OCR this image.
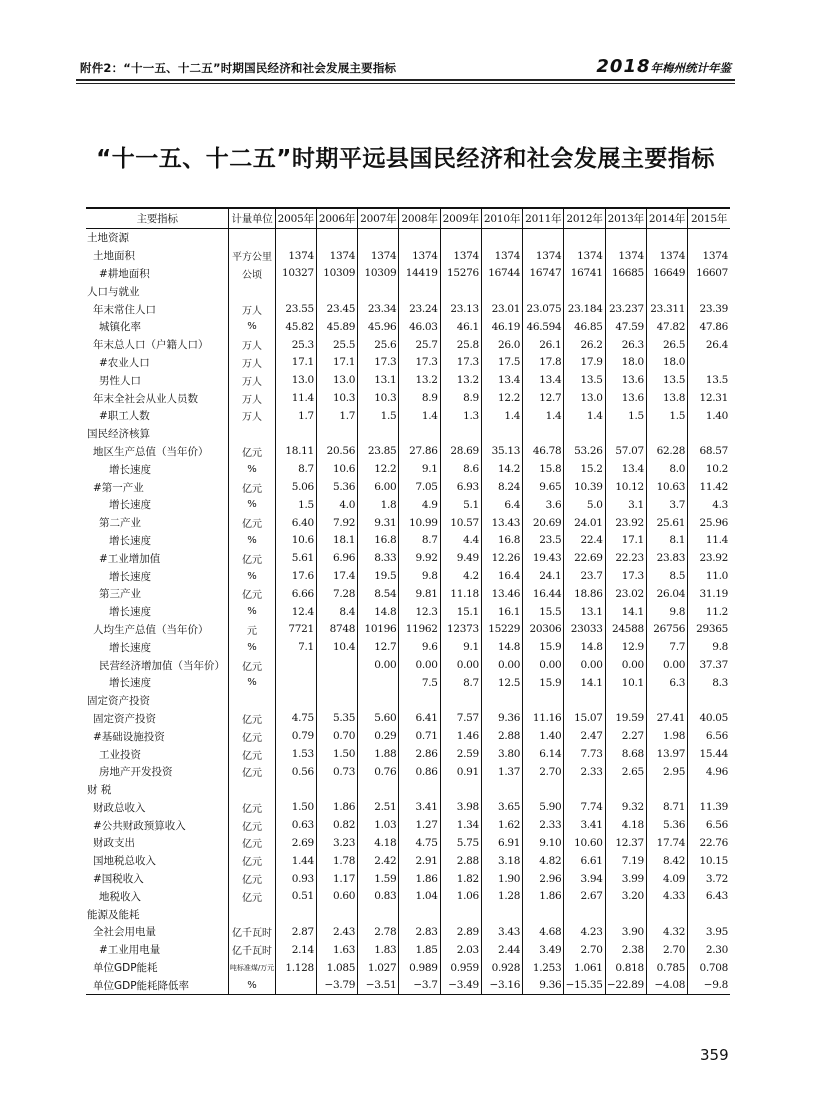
附件2：“十一五、十二五”时期国民经济和社会发展主要指标	2018年梅州统计年鉴
“十一五、十二五”时期平远县国民经济和社会发展主要指标
主要指标	计量单位	2005年	2006年	2007年	2008年	2009年	2010年	2011年	2012年	2013年	2014年	2015年
土地资源												
土地面积	平方公里	1374	1374	1374	1374	1374	1374	1374	1374	1374	1374	1374
#耕地面积	公顷	10327	10309	10309	14419	15276	16744	16747	16741	16685	16649	16607
人口与就业												
年末常住人口	万人	23.55	23.45	23.34	23.24	23.13	23.01	23.075	23.184	23.237	23.311	23.39
城镇化率	%	45.82	45.89	45.96	46.03	46.1	46.19	46.594	46.85	47.59	47.82	47.86
年末总人口（户籍人口）	万人	25.3	25.5	25.6	25.7	25.8	26.0	26.1	26.2	26.3	26.5	26.4
#农业人口	万人	17.1	17.1	17.3	17.3	17.3	17.5	17.8	17.9	18.0	18.0	
男性人口	万人	13.0	13.0	13.1	13.2	13.2	13.4	13.4	13.5	13.6	13.5	13.5
年末全社会从业人员数	万人	11.4	10.3	10.3	8.9	8.9	12.2	12.7	13.0	13.6	13.8	12.31
#职工人数	万人	1.7	1.7	1.5	1.4	1.3	1.4	1.4	1.4	1.5	1.5	1.40
国民经济核算												
地区生产总值（当年价）	亿元	18.11	20.56	23.85	27.86	28.69	35.13	46.78	53.26	57.07	62.28	68.57
增长速度	%	8.7	10.6	12.2	9.1	8.6	14.2	15.8	15.2	13.4	8.0	10.2
#第一产业	亿元	5.06	5.36	6.00	7.05	6.93	8.24	9.65	10.39	10.12	10.63	11.42
增长速度	%	1.5	4.0	1.8	4.9	5.1	6.4	3.6	5.0	3.1	3.7	4.3
第二产业	亿元	6.40	7.92	9.31	10.99	10.57	13.43	20.69	24.01	23.92	25.61	25.96
增长速度	%	10.6	18.1	16.8	8.7	4.4	16.8	23.5	22.4	17.1	8.1	11.4
#工业增加值	亿元	5.61	6.96	8.33	9.92	9.49	12.26	19.43	22.69	22.23	23.83	23.92
增长速度	%	17.6	17.4	19.5	9.8	4.2	16.4	24.1	23.7	17.3	8.5	11.0
第三产业	亿元	6.66	7.28	8.54	9.81	11.18	13.46	16.44	18.86	23.02	26.04	31.19
增长速度	%	12.4	8.4	14.8	12.3	15.1	16.1	15.5	13.1	14.1	9.8	11.2
人均生产总值（当年价）	元	7721	8748	10196	11962	12373	15229	20306	23033	24588	26756	29365
增长速度	%	7.1	10.4	12.7	9.6	9.1	14.8	15.9	14.8	12.9	7.7	9.8
民营经济增加值（当年价）	亿元			0.00	0.00	0.00	0.00	0.00	0.00	0.00	0.00	37.37
增长速度	%				7.5	8.7	12.5	15.9	14.1	10.1	6.3	8.3
固定资产投资												
固定资产投资	亿元	4.75	5.35	5.60	6.41	7.57	9.36	11.16	15.07	19.59	27.41	40.05
#基础设施投资	亿元	0.79	0.70	0.29	0.71	1.46	2.88	1.40	2.47	2.27	1.98	6.56
工业投资	亿元	1.53	1.50	1.88	2.86	2.59	3.80	6.14	7.73	8.68	13.97	15.44
房地产开发投资	亿元	0.56	0.73	0.76	0.86	0.91	1.37	2.70	2.33	2.65	2.95	4.96
财 税												
财政总收入	亿元	1.50	1.86	2.51	3.41	3.98	3.65	5.90	7.74	9.32	8.71	11.39
#公共财政预算收入	亿元	0.63	0.82	1.03	1.27	1.34	1.62	2.33	3.41	4.18	5.36	6.56
财政支出	亿元	2.69	3.23	4.18	4.75	5.75	6.91	9.10	10.60	12.37	17.74	22.76
国地税总收入	亿元	1.44	1.78	2.42	2.91	2.88	3.18	4.82	6.61	7.19	8.42	10.15
#国税收入	亿元	0.93	1.17	1.59	1.86	1.82	1.90	2.96	3.94	3.99	4.09	3.72
地税收入	亿元	0.51	0.60	0.83	1.04	1.06	1.28	1.86	2.67	3.20	4.33	6.43
能源及能耗												
全社会用电量	亿千瓦时	2.87	2.43	2.78	2.83	2.89	3.43	4.68	4.23	3.90	4.32	3.95
#工业用电量	亿千瓦时	2.14	1.63	1.83	1.85	2.03	2.44	3.49	2.70	2.38	2.70	2.30
单位GDP能耗	吨标准煤/万元	1.128	1.085	1.027	0.989	0.959	0.928	1.253	1.061	0.818	0.785	0.708
单位GDP能耗降低率	%		−3.79	−3.51	−3.7	−3.49	−3.16	9.36	−15.35	−22.89	−4.08	−9.8
359
